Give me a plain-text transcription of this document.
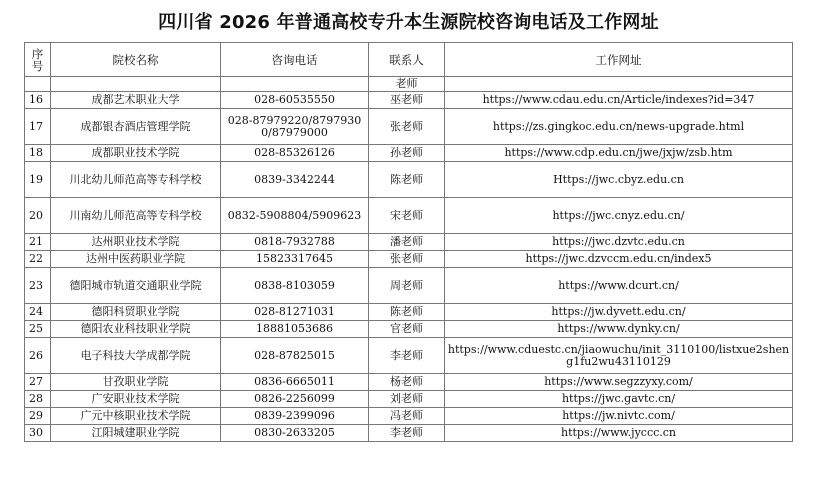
四川省 2026 年普通高校专升本生源院校咨询电话及工作网址
序号	院校名称	咨询电话	联系人	工作网址
			老师	
16	成都艺术职业大学	028-60535550	巫老师	https://www.cdau.edu.cn/Article/indexes?id=347
17	成都银杏酒店管理学院	028-87979220/87979300/87979000	张老师	https://zs.gingkoc.edu.cn/news-upgrade.html
18	成都职业技术学院	028-85326126	孙老师	https://www.cdp.edu.cn/jwe/jxjw/zsb.htm
19	川北幼儿师范高等专科学校	0839-3342244	陈老师	Https://jwc.cbyz.edu.cn
20	川南幼儿师范高等专科学校	0832-5908804/5909623	宋老师	https://jwc.cnyz.edu.cn/
21	达州职业技术学院	0818-7932788	潘老师	https://jwc.dzvtc.edu.cn
22	达州中医药职业学院	15823317645	张老师	https://jwc.dzvccm.edu.cn/index5
23	德阳城市轨道交通职业学院	0838-8103059	周老师	https://www.dcurt.cn/
24	德阳科贸职业学院	028-81271031	陈老师	https://jw.dyvett.edu.cn/
25	德阳农业科技职业学院	18881053686	官老师	https://www.dynky.cn/
26	电子科技大学成都学院	028-87825015	李老师	https://www.cduestc.cn/jiaowuchu/init_3110100/listxue2sheng1fu2wu43110129
27	甘孜职业学院	0836-6665011	杨老师	https://www.segzzyxy.com/
28	广安职业技术学院	0826-2256099	刘老师	https://jwc.gavtc.cn/
29	广元中核职业技术学院	0839-2399096	冯老师	https://jw.nivtc.com/
30	江阳城建职业学院	0830-2633205	李老师	https://www.jyccc.cn
